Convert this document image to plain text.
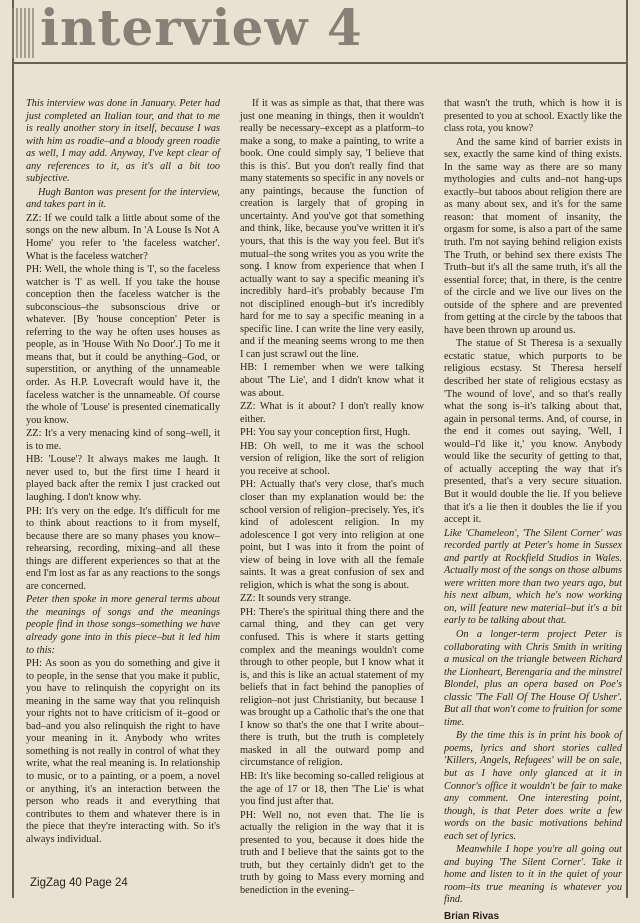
interview 4

This interview was done in January. Peter had just completed an Italian tour, and that to me is really another story in itself, because I was with him as roadie–and a bloody green roadie as well, I may add. Anyway, I've kept clear of any references to it, as it's all a bit too subjective.

Hugh Banton was present for the interview, and takes part in it.

ZZ: If we could talk a little about some of the songs on the new album. In 'A Louse Is Not A Home' you refer to 'the faceless watcher'. What is the faceless watcher?

PH: Well, the whole thing is 'I', so the faceless watcher is 'I' as well. If you take the house conception then the faceless watcher is the subconscious–the subsonscious drive or whatever. [By 'house conception' Peter is referring to the way he often uses houses as people, as in 'House With No Door'.] To me it means that, but it could be anything–God, or superstition, or anything of the unnameable order. As H.P. Lovecraft would have it, the faceless watcher is the unnameable. Of course the whole of 'Louse' is presented cinematically you know.

ZZ: It's a very menacing kind of song–well, it is to me.

HB: 'Louse'? It always makes me laugh. It never used to, but the first time I heard it played back after the remix I just cracked out laughing. I don't know why.

PH: It's very on the edge. It's difficult for me to think about reactions to it from myself, because there are so many phases you know–rehearsing, recording, mixing–and all these things are different experiences so that at the end I'm lost as far as any reactions to the songs are concerned.

Peter then spoke in more general terms about the meanings of songs and the meanings people find in those songs–something we have already gone into in this piece–but it led him to this:

PH: As soon as you do something and give it to people, in the sense that you make it public, you have to relinquish the copyright on its meaning in the same way that you relinquish your rights not to have criticism of it–good or bad–and you also relinquish the right to have your meaning in it. Anybody who writes something is not really in control of what they write, what the real meaning is. In relationship to music, or to a painting, or a poem, a novel or anything, it's an interaction between the person who reads it and everything that contributes to them and whatever there is in the piece that they're interacting with. So it's always individual.

If it was as simple as that, that there was just one meaning in things, then it wouldn't really be necessary–except as a platform–to make a song, to make a painting, to write a book. One could simply say, 'I believe that this is this'. But you don't really find that many statements so specific in any novels or any paintings, because the function of creation is largely that of groping in uncertainty. And you've got that something and think, like, because you've written it it's yours, that this is the way you feel. But it's mutual–the song writes you as you write the song. I know from experience that when I actually want to say a specific meaning it's incredibly hard–it's probably because I'm not disciplined enough–but it's incredibly hard for me to say a specific meaning in a specific line. I can write the line very easily, and if the meaning seems wrong to me then I can just scrawl out the line.

HB: I remember when we were talking about 'The Lie', and I didn't know what it was about.

ZZ: What is it about? I don't really know either.

PH: You say your conception first, Hugh.

HB: Oh well, to me it was the school version of religion, like the sort of religion you receive at school.

PH: Actually that's very close, that's much closer than my explanation would be: the school version of religion–precisely. Yes, it's kind of adolescent religion. In my adolescence I got very into religion at one point, but I was into it from the point of view of being in love with all the female saints. It was a great confusion of sex and religion, which is what the song is about.

ZZ: It sounds very strange.

PH: There's the spiritual thing there and the carnal thing, and they can get very confused. This is where it starts getting complex and the meanings wouldn't come through to other people, but I know what it is, and this is like an actual statement of my beliefs that in fact behind the panoplies of religion–not just Christianity, but because I was brought up a Catholic that's the one that I know so that's the one that I write about–there is truth, but the truth is completely masked in all the outward pomp and circumstance of religion.

HB: It's like becoming so-called religious at the age of 17 or 18, then 'The Lie' is what you find just after that.

PH: Well no, not even that. The lie is actually the religion in the way that it is presented to you, because it does hide the truth and I believe that the saints got to the truth, but they certainly didn't get to the truth by going to Mass every morning and benediction in the evening–

that wasn't the truth, which is how it is presented to you at school. Exactly like the class rota, you know?

And the same kind of barrier exists in sex, exactly the same kind of thing exists. In the same way as there are so many mythologies and cults and–not hang-ups exactly–but taboos about religion there are as many about sex, and it's for the same reason: that moment of insanity, the orgasm for some, is also a part of the same truth. I'm not saying behind religion exists The Truth, or behind sex there exists The Truth–but it's all the same truth, it's all the essential force; that, in there, is the centre of the circle and we live our lives on the outside of the sphere and are prevented from getting at the circle by the taboos that have been thrown up around us.

The statue of St Theresa is a sexually ecstatic statue, which purports to be religious ecstasy. St Theresa herself described her state of religious ecstasy as 'The wound of love', and so that's really what the song is–it's talking about that, again in personal terms. And, of course, in the end it comes out saying, 'Well, I would–I'd like it,' you know. Anybody would like the security of getting to that, of actually accepting the way that it's presented, that's a very secure situation. But it would double the lie. If you believe that it's a lie then it doubles the lie if you accept it.

Like 'Chameleon', 'The Silent Corner' was recorded partly at Peter's home in Sussex and partly at Rockfield Studios in Wales. Actually most of the songs on those albums were written more than two years ago, but his next album, which he's now working on, will feature new material–but it's a bit early to be talking about that.

On a longer-term project Peter is collaborating with Chris Smith in writing a musical on the triangle between Richard the Lionheart, Berengaria and the minstrel Blondel, plus an opera based on Poe's classic 'The Fall Of The House Of Usher'. But all that won't come to fruition for some time.

By the time this is in print his book of poems, lyrics and short stories called 'Killers, Angels, Refugees' will be on sale, but as I have only glanced at it in Connor's office it wouldn't be fair to make any comment. One interesting point, though, is that Peter does write a few words on the basic motivations behind each set of lyrics.

Meanwhile I hope you're all going out and buying 'The Silent Corner'. Take it home and listen to it in the quiet of your room–its true meaning is whatever you find.

Brian Rivas
ZigZag 40 Page 24
